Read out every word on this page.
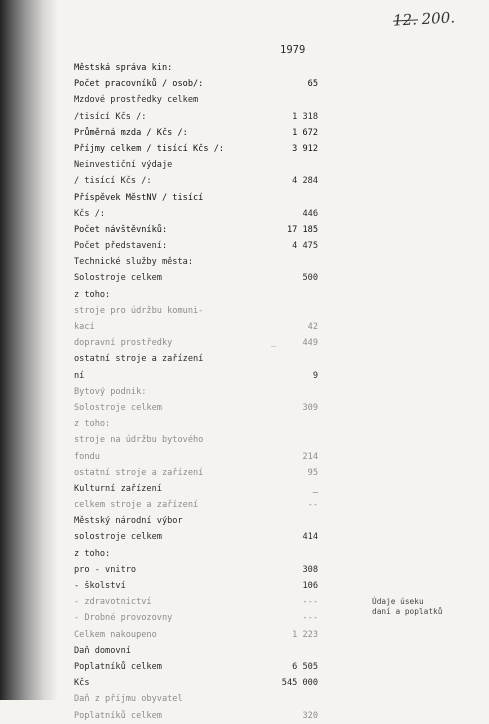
12. 200.
1979
Městská správa kin:
Počet pracovníků / osob/:	65
Mzdové prostředky celkem
/tisící Kčs /:	1 318
Průměrná mzda / Kčs /:	1 672
Příjmy celkem / tisící Kčs /:	3 912
Neinvestiční výdaje
/ tisící Kčs /:	4 284
Příspěvek MěstNV / tisící
Kčs /:	446
Počet návštěvníků:	17 185
Počet představení:	4 475
Technické služby města:
Solostroje celkem	500
z toho:
stroje pro údržbu komuni-
kací	42
dopravní prostředky	_	449
ostatní stroje a zařízení
ní	9
Bytový podnik:
Solostroje celkem	309
z toho:
stroje na údržbu bytového
fondu	214
ostatní stroje a zařízení	95
Kulturní zařízení	_
celkem stroje a zařízení	--
Městský národní výbor
solostroje celkem	414
z toho:
pro - vnitro	308
- školství	106
- zdravotnictví	---
- Drobné provozovny	---
Celkem nakoupeno	1 223
Daň domovní
Poplatníků celkem	6 505
Kčs	545 000
Daň z příjmu obyvatel
Poplatníků celkem	320
Údaje úseku
daní a poplatků
